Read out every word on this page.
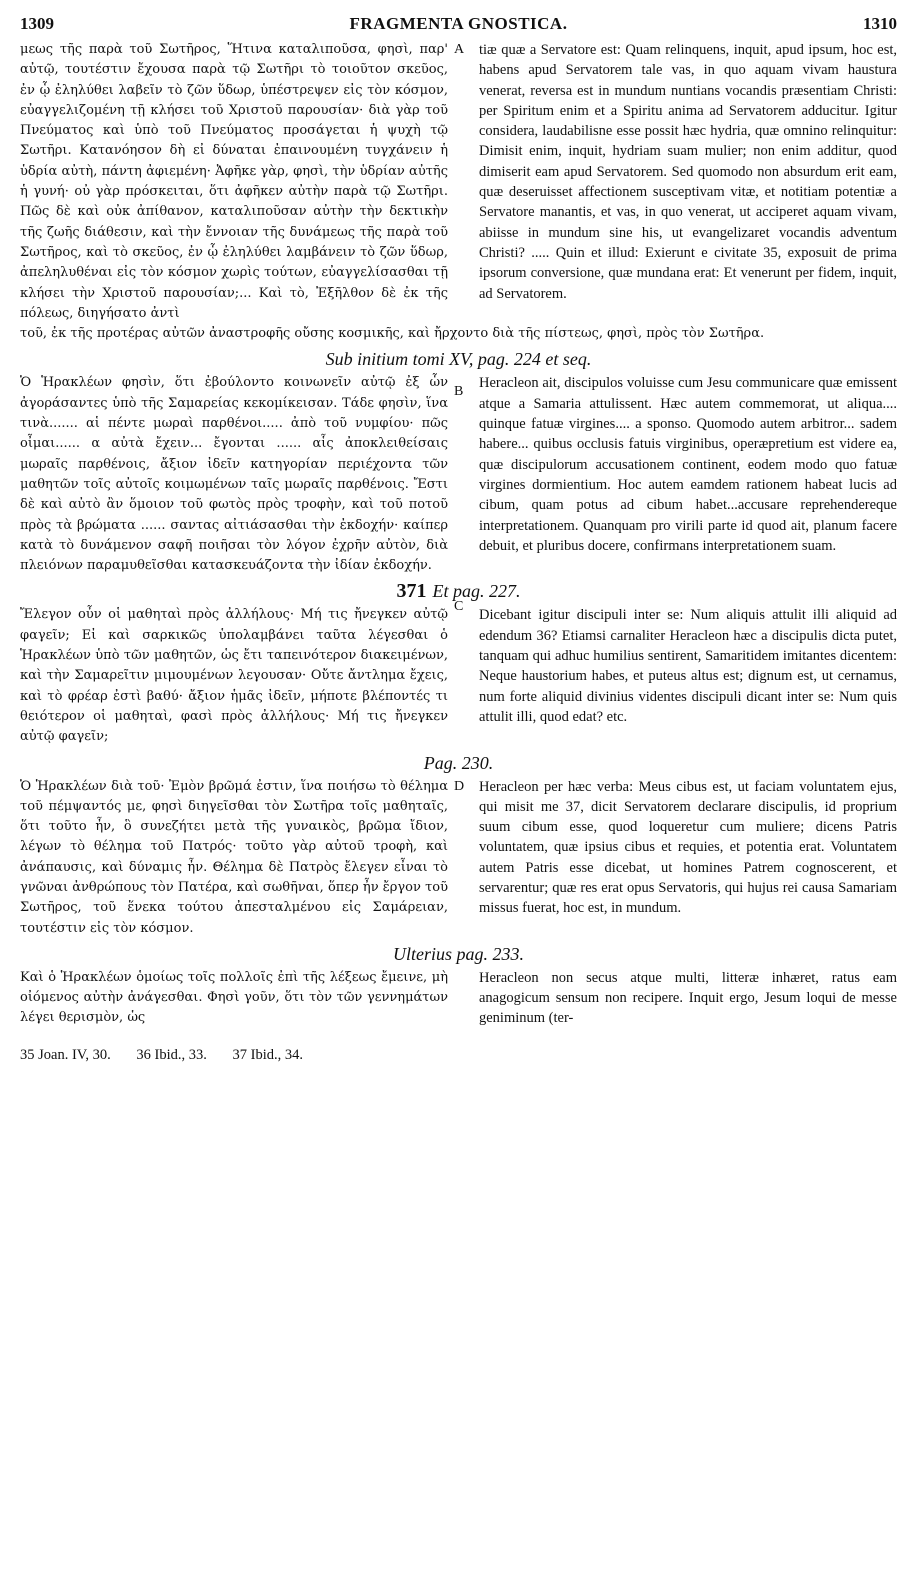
1309	FRAGMENTA GNOSTICA.	1310

μεως τῆς παρὰ τοῦ Σωτῆρος, Ἥτινα καταλιποῦσα, φησὶ, παρ' αὐτῷ, τουτέστιν ἔχουσα παρὰ τῷ Σωτῆρι τὸ τοιοῦτον σκεῦος, ἐν ᾧ ἐληλύθει λαβεῖν τὸ ζῶν ὕδωρ, ὑπέστρεψεν εἰς τὸν κόσμον, εὐαγγελιζομένη τῇ κλήσει τοῦ Χριστοῦ παρουσίαν· διὰ γὰρ τοῦ Πνεύματος καὶ ὑπὸ τοῦ Πνεύματος προσάγεται ἡ ψυχὴ τῷ Σωτῆρι. Κατανόησον δὴ εἰ δύναται ἐπαινουμένη τυγχάνειν ἡ ὑδρία αὐτὴ, πάντη ἀφιεμένη· Ἀφῆκε γὰρ, φησὶ, τὴν ὑδρίαν αὐτῆς ἡ γυνή· οὐ γὰρ πρόσκειται, ὅτι ἀφῆκεν αὐτὴν παρὰ τῷ Σωτῆρι. Πῶς δὲ καὶ οὐκ ἀπίθανον, καταλιποῦσαν αὐτὴν τὴν δεκτικὴν τῆς ζωῆς διάθεσιν, καὶ τὴν ἔννοιαν τῆς δυνάμεως τῆς παρὰ τοῦ Σωτῆρος, καὶ τὸ σκεῦος, ἐν ᾧ ἐληλύθει λαμβάνειν τὸ ζῶν ὕδωρ, ἀπεληλυθέναι εἰς τὸν κόσμον χωρὶς τούτων, εὐαγγελίσασθαι τῇ κλήσει τὴν Χριστοῦ παρουσίαν;... Καὶ τὸ, Ἐξῆλθον δὲ ἐκ τῆς πόλεως, διηγήσατο ἀντὶ

A
B

tiæ quæ a Servatore est: Quam relinquens, inquit, apud ipsum, hoc est, habens apud Servatorem tale vas, in quo aquam vivam haustura venerat, reversa est in mundum nuntians vocandis præsentiam Christi: per Spiritum enim et a Spiritu anima ad Servatorem adducitur. Igitur considera, laudabilisne esse possit hæc hydria, quæ omnino relinquitur: Dimisit enim, inquit, hydriam suam mulier; non enim additur, quod dimiserit eam apud Servatorem. Sed quomodo non absurdum erit eam, quæ deseruisset affectionem susceptivam vitæ, et notitiam potentiæ a Servatore manantis, et vas, in quo venerat, ut acciperet aquam vivam, abiisse in mundum sine his, ut evangelizaret vocandis adventum Christi? ..... Quin et illud: Exierunt e civitate 35, exposuit de prima ipsorum conversione, quæ mundana erat: Et venerunt per fidem, inquit, ad Servatorem.

τοῦ, ἐκ τῆς προτέρας αὐτῶν ἀναστροφῆς οὔσης κοσμικῆς, καὶ ἤρχοντο διὰ τῆς πίστεως, φησὶ, πρὸς τὸν Σωτῆρα.
Sub initium tomi XV, pag. 224 et seq.

Ὁ Ἡρακλέων φησὶν, ὅτι ἐβούλοντο κοινωνεῖν αὐτῷ ἐξ ὧν ἀγοράσαντες ὑπὸ τῆς Σαμαρείας κεκομίκεισαν. Τάδε φησὶν, ἵνα τινὰ....... αἱ πέντε μωραὶ παρθένοι..... ἀπὸ τοῦ νυμφίου· πῶς οἶμαι...... α αὐτὰ ἔχειν... ἔγονται ...... αἷς ἀποκλειθείσαις μωραῖς παρθένοις, ἄξιον ἰδεῖν κατηγορίαν περιέχοντα τῶν μαθητῶν τοῖς αὐτοῖς κοιμωμένων ταῖς μωραῖς παρθένοις. Ἔστι δὲ καὶ αὐτὸ ἂν ὅμοιον τοῦ φωτὸς πρὸς τροφὴν, καὶ τοῦ ποτοῦ πρὸς τὰ βρώματα ...... σαντας αἰτιάσασθαι τὴν ἐκδοχήν· καίπερ κατὰ τὸ δυνάμενον σαφῆ ποιῆσαι τὸν λόγον ἐχρῆν αὐτὸν, διὰ πλειόνων παραμυθεῖσθαι κατασκευάζοντα τὴν ἰδίαν ἐκδοχήν.

C

Heracleon ait, discipulos voluisse cum Jesu communicare quæ emissent atque a Samaria attulissent. Hæc autem commemorat, ut aliqua.... quinque fatuæ virgines.... a sponso. Quomodo autem arbitror... sadem habere... quibus occlusis fatuis virginibus, operæpretium est videre ea, quæ discipulorum accusationem continent, eodem modo quo fatuæ virgines dormientium. Hoc autem eamdem rationem habeat lucis ad cibum, quam potus ad cibum habet...accusare reprehendereque interpretationem. Quanquam pro virili parte id quod ait, planum facere debuit, et pluribus docere, confirmans interpretationem suam.

371 Et pag. 227.

Ἔλεγον οὖν οἱ μαθηταὶ πρὸς ἀλλήλους· Μή τις ἤνεγκεν αὐτῷ φαγεῖν; Εἰ καὶ σαρκικῶς ὑπολαμβάνει ταῦτα λέγεσθαι ὁ Ἡρακλέων ὑπὸ τῶν μαθητῶν, ὡς ἔτι ταπεινότερον διακειμένων, καὶ τὴν Σαμαρεῖτιν μιμουμένων λεγουσαν· Οὔτε ἄντλημα ἔχεις, καὶ τὸ φρέαρ ἐστὶ βαθύ· ἄξιον ἡμᾶς ἰδεῖν, μήποτε βλέποντές τι θειότερον οἱ μαθηταὶ, φασὶ πρὸς ἀλλήλους· Μή τις ἤνεγκεν αὐτῷ φαγεῖν;

Dicebant igitur discipuli inter se: Num aliquis attulit illi aliquid ad edendum 36? Etiamsi carnaliter Heracleon hæc a discipulis dicta putet, tanquam qui adhuc humilius sentirent, Samaritidem imitantes dicentem: Neque haustorium habes, et puteus altus est; dignum est, ut cernamus, num forte aliquid divinius videntes discipuli dicant inter se: Num quis attulit illi, quod edat? etc.

Pag. 230.

Ὁ Ἡρακλέων διὰ τοῦ· Ἐμὸν βρῶμά ἐστιν, ἵνα ποιήσω τὸ θέλημα τοῦ πέμψαντός με, φησὶ διηγεῖσθαι τὸν Σωτῆρα τοῖς μαθηταῖς, ὅτι τοῦτο ἦν, ὃ συνεζήτει μετὰ τῆς γυναικὸς, βρῶμα ἴδιον, λέγων τὸ θέλημα τοῦ Πατρός· τοῦτο γὰρ αὐτοῦ τροφὴ, καὶ ἀνάπαυσις, καὶ δύναμις ἦν. Θέλημα δὲ Πατρὸς ἔλεγεν εἶναι τὸ γνῶναι ἀνθρώπους τὸν Πατέρα, καὶ σωθῆναι, ὅπερ ἦν ἔργον τοῦ Σωτῆρος, τοῦ ἕνεκα τούτου ἀπεσταλμένου εἰς Σαμάρειαν, τουτέστιν εἰς τὸν κόσμον.

D Heracleon per hæc verba: Meus cibus est, ut faciam voluntatem ejus, qui misit me 37, dicit Servatorem declarare discipulis, id proprium suum cibum esse, quod loqueretur cum muliere; dicens Patris voluntatem, quæ ipsius cibus et requies, et potentia erat. Voluntatem autem Patris esse dicebat, ut homines Patrem cognoscerent, et servarentur; quæ res erat opus Servatoris, qui hujus rei causa Samariam missus fuerat, hoc est, in mundum.

Ulterius pag. 233.

Καὶ ὁ Ἡρακλέων ὁμοίως τοῖς πολλοῖς ἐπὶ τῆς λέξεως ἔμεινε, μὴ οἰόμενος αὐτὴν ἀνάγεσθαι. Φησὶ γοῦν, ὅτι τὸν τῶν γεννημάτων λέγει θερισμὸν, ὡς

Heracleon non secus atque multi, litteræ inhæret, ratus eam anagogicum sensum non recipere. Inquit ergo, Jesum loqui de messe geniminum (ter-

35 Joan. IV, 30. 36 Ibid., 33. 37 Ibid., 34.
